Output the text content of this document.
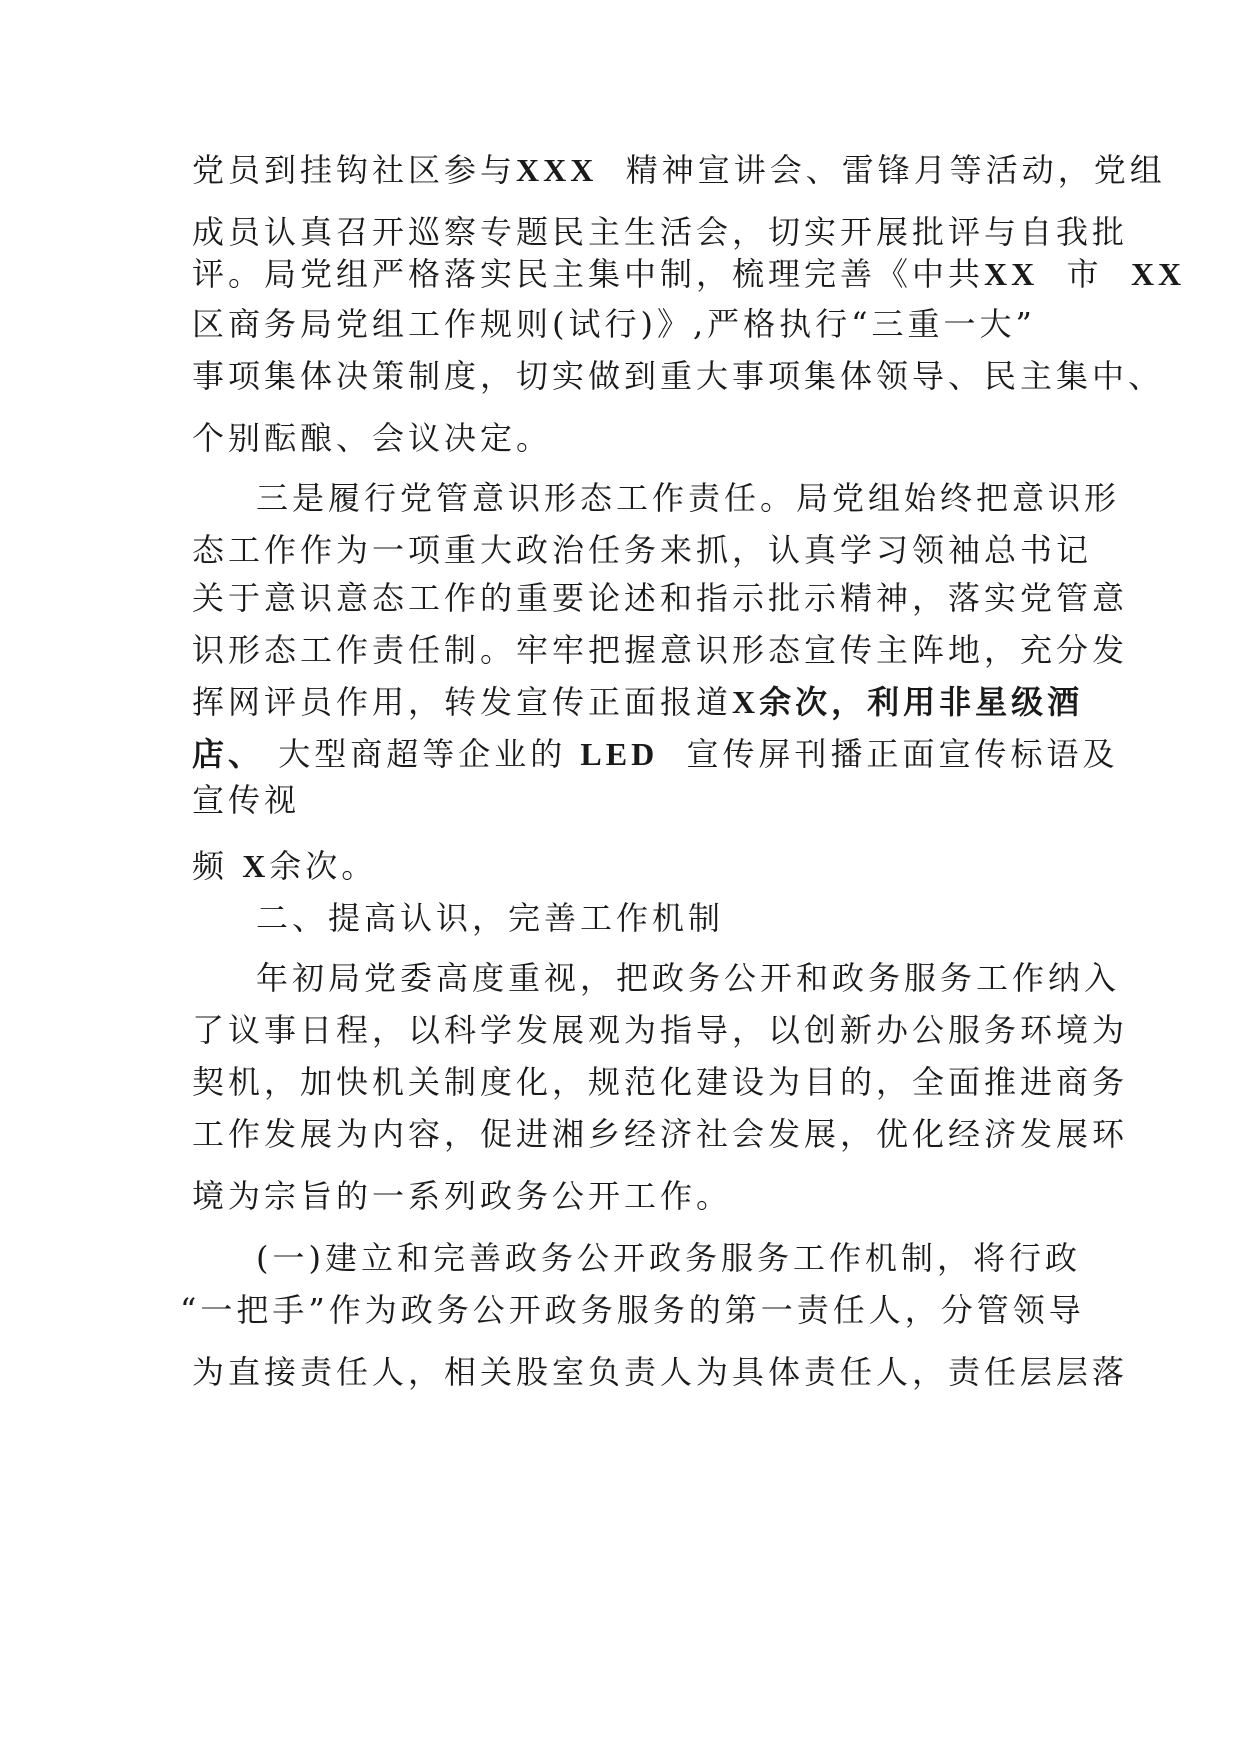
党员到挂钩社区参与XXX  精神宣讲会、雷锋月等活动，党组
成员认真召开巡察专题民主生活会，切实开展批评与自我批
评。局党组严格落实民主集中制，梳理完善《中共XX  市  XX
区商务局党组工作规则(试行)》,严格执行“三重一大”
事项集体决策制度，切实做到重大事项集体领导、民主集中、
个别酝酿、会议决定。
三是履行党管意识形态工作责任。局党组始终把意识形
态工作作为一项重大政治任务来抓，认真学习领袖总书记
关于意识意态工作的重要论述和指示批示精神，落实党管意
识形态工作责任制。牢牢把握意识形态宣传主阵地，充分发
挥网评员作用，转发宣传正面报道X余次，利用非星级酒
店、 大型商超等企业的 LED  宣传屏刊播正面宣传标语及
宣传视
频 X余次。
二、提高认识，完善工作机制
年初局党委高度重视，把政务公开和政务服务工作纳入
了议事日程，以科学发展观为指导，以创新办公服务环境为
契机，加快机关制度化，规范化建设为目的，全面推进商务
工作发展为内容，促进湘乡经济社会发展，优化经济发展环
境为宗旨的一系列政务公开工作。
(一)建立和完善政务公开政务服务工作机制，将行政
“一把手”作为政务公开政务服务的第一责任人，分管领导
为直接责任人，相关股室负责人为具体责任人，责任层层落
